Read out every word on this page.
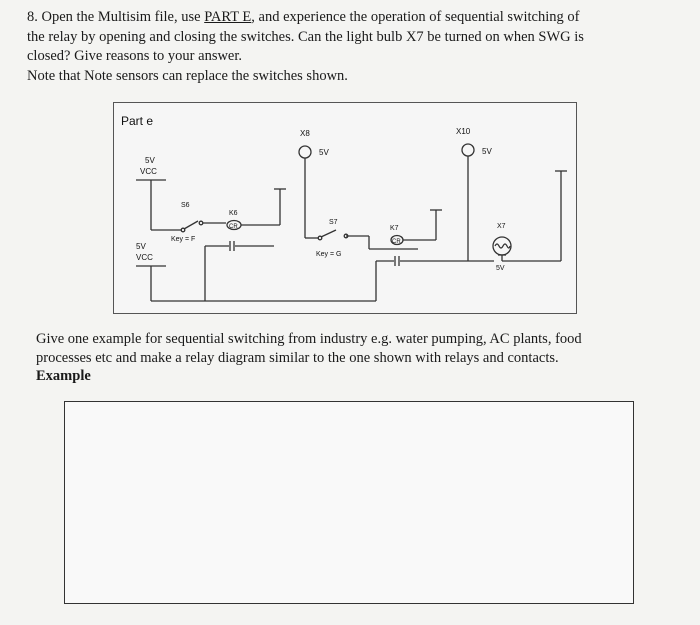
8. Open the Multisim file, use PART E, and experience the operation of sequential switching of

the relay by opening and closing the switches. Can the light bulb X7 be turned on when SWG is

closed? Give reasons to your answer.

Note that Note sensors can replace the switches shown.

Part e
X8
5V
X10
5V
5V
VCC
S6
Key = F
K6
CR
S7
Key = G
K7
CR
X7
5V
5V
VCC

Give one example for sequential switching from industry e.g. water pumping, AC plants, food

processes etc and make a relay diagram similar to the one shown with relays and contacts.

Example
